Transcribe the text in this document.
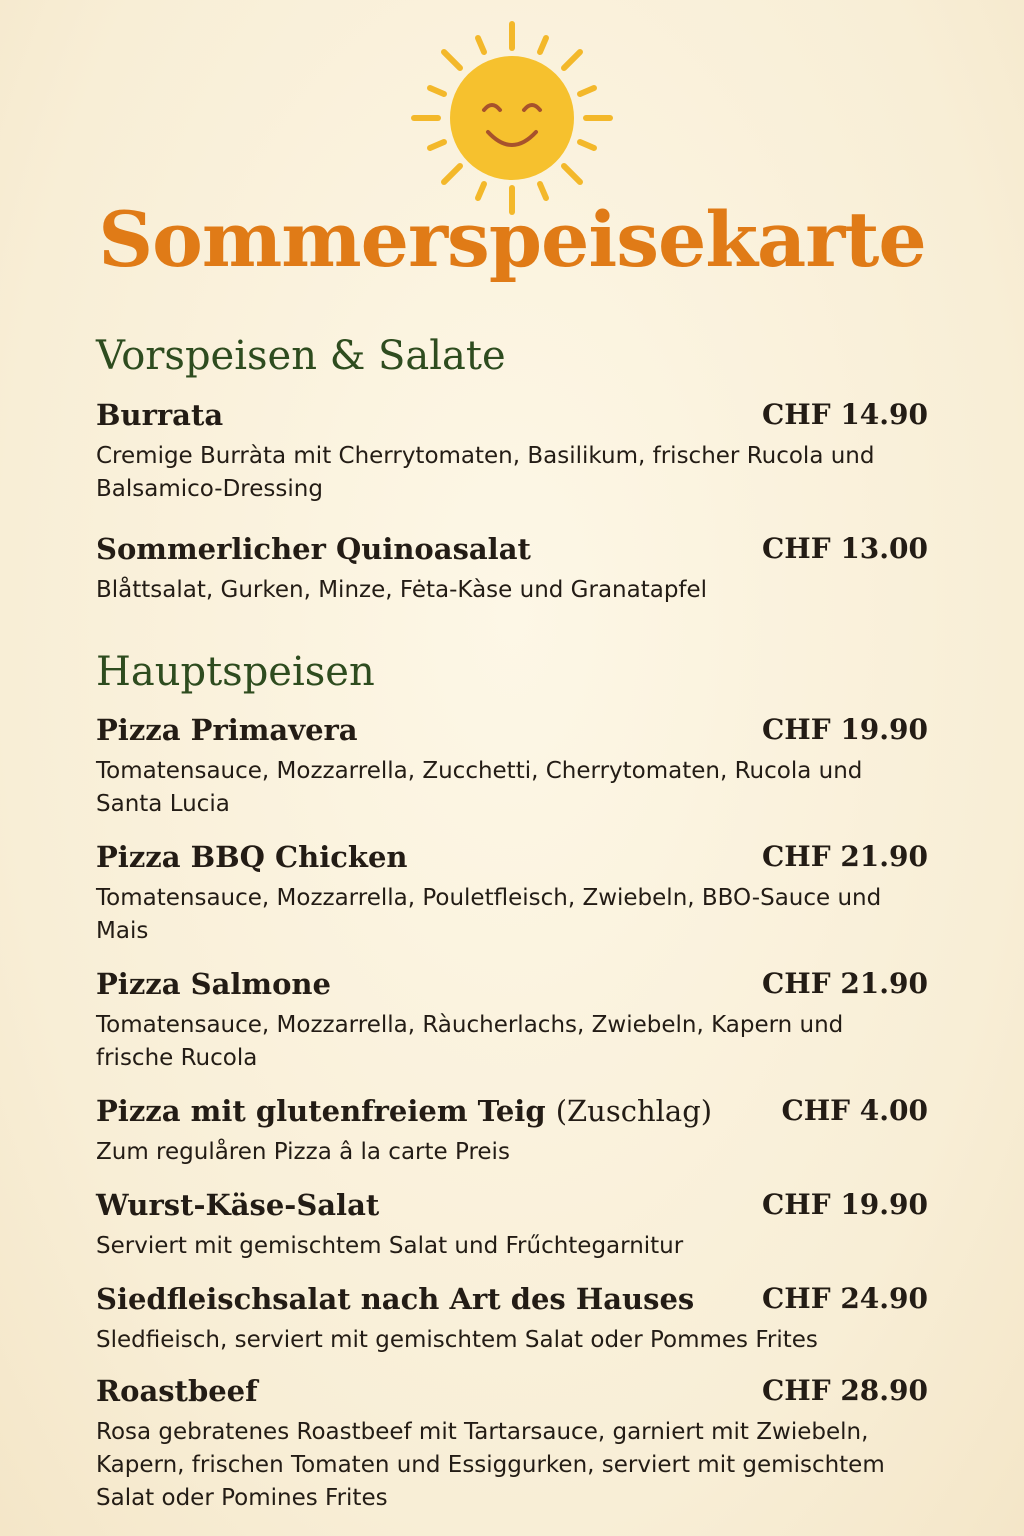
Sommerspeisekarte
Vorspeisen & Salate
Burrata	CHF 14.90
Cremige Burràta mit Cherrytomaten, Basilikum, frischer Rucola und Balsamico-Dressing
Sommerlicher Quinoasalat	CHF 13.00
Blåttsalat, Gurken, Minze, Fėta-Kàse und Granatapfel
Hauptspeisen
Pizza Primavera	CHF 19.90
Tomatensauce, Mozzarrella, Zucchetti, Cherrytomaten, Rucola und Santa Lucia
Pizza BBQ Chicken	CHF 21.90
Tomatensauce, Mozzarrella, Pouletfleisch, Zwiebeln, BBO-Sauce und Mais
Pizza Salmone	CHF 21.90
Tomatensauce, Mozzarrella, Ràucherlachs, Zwiebeln, Kapern und frische Rucola
Pizza mit glutenfreiem Teig (Zuschlag) CHF 4.00
Zum regulåren Pizza â la carte Preis
Wurst-Käse-Salat	CHF 19.90
Serviert mit gemischtem Salat und Frűchtegarnitur
Siedfleischsalat nach Art des Hauses CHF 24.90
Sledfieisch, serviert mit gemischtem Salat oder Pommes Frites
Roastbeef	CHF 28.90
Rosa gebratenes Roastbeef mit Tartarsauce, garniert mit Zwiebeln, Kapern, frischen Tomaten und Essiggurken, serviert mit gemischtem Salat oder Pomines Frites
